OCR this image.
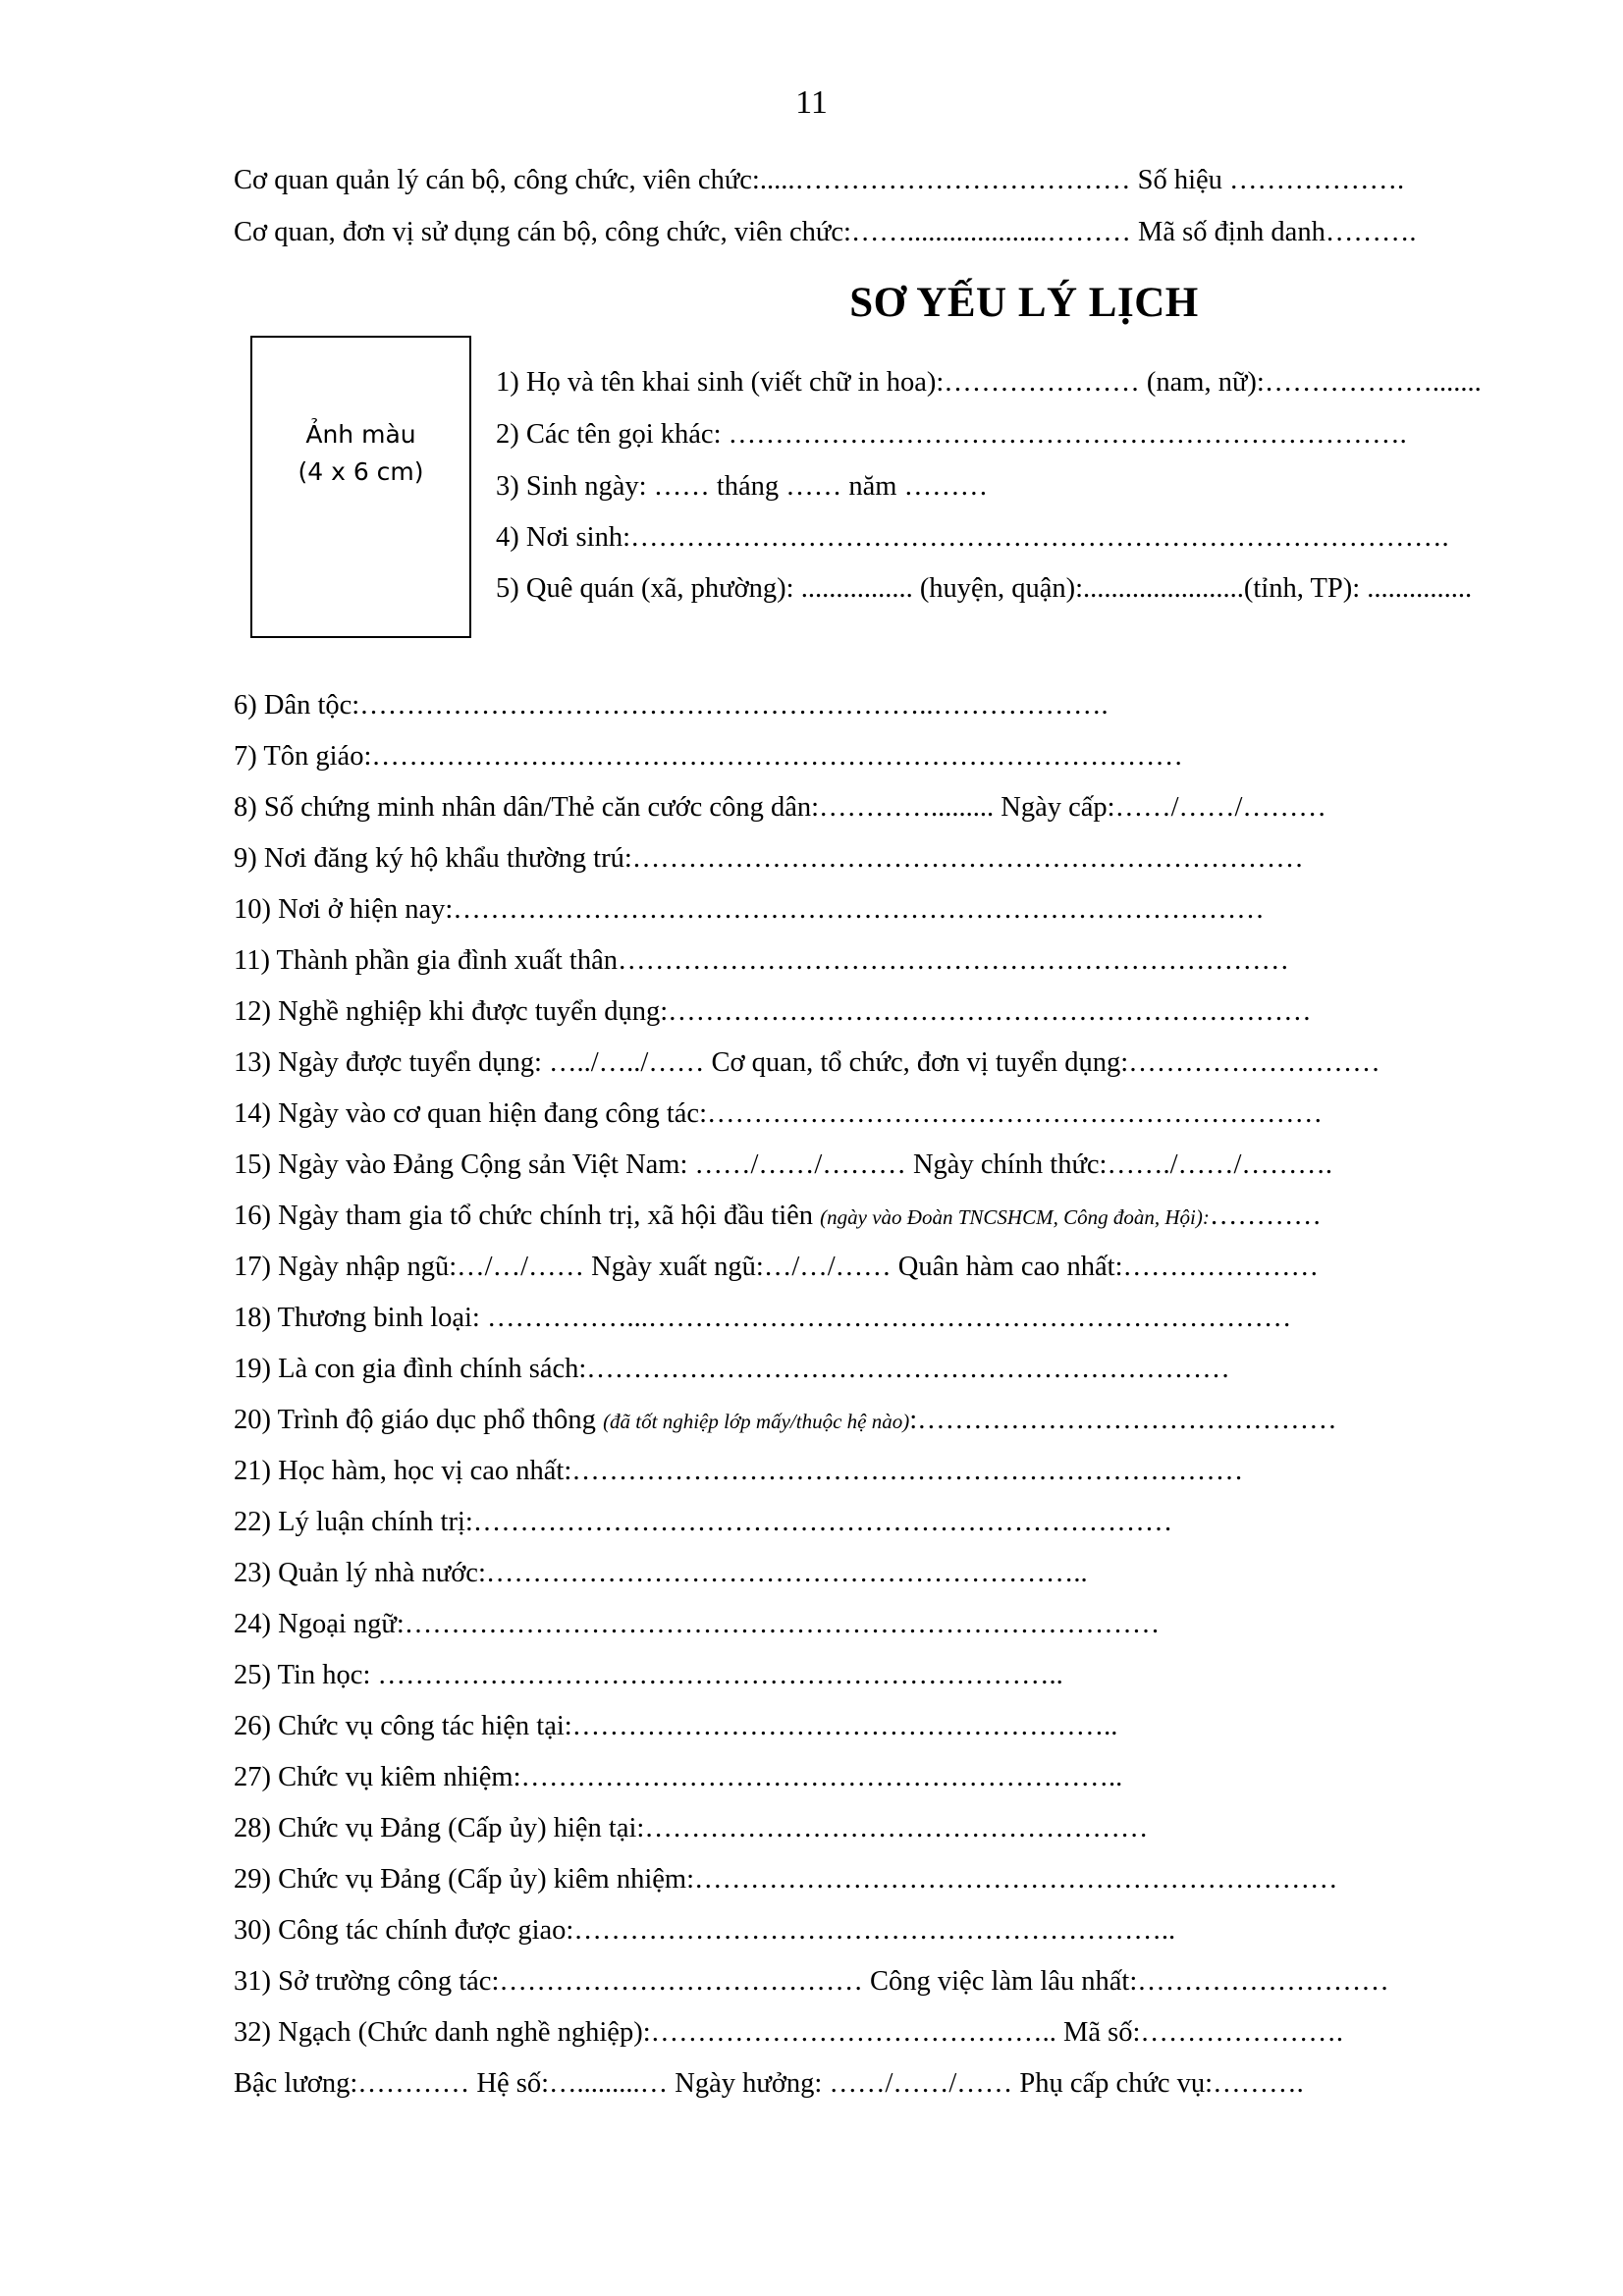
11
Cơ quan quản lý cán bộ, công chức, viên chức:.....……………………………… Số hiệu ……………….
Cơ quan, đơn vị sử dụng cán bộ, công chức, viên chức:……....................……… Mã số định danh……….
SƠ YẾU LÝ LỊCH
Ảnh màu
(4 x 6 cm)
1) Họ và tên khai sinh (viết chữ in hoa):………………… (nam, nữ):……………….......
2) Các tên gọi khác: ……………………………………………………………….
3) Sinh ngày: …… tháng …… năm ………
4) Nơi sinh:…………………………………………………………………………….
5) Quê quán (xã, phường): ................ (huyện, quận):.......................(tỉnh, TP): ...............
6) Dân tộc:……………………………………………………..……………….
7) Tôn giáo:……………………………………………………………………………
8) Số chứng minh nhân dân/Thẻ căn cước công dân:…………......... Ngày cấp:……/……/………
9) Nơi đăng ký hộ khẩu thường trú:………………………………………………………………
10) Nơi ở hiện nay:……………………………………………………………………………
11) Thành phần gia đình xuất thân………………………………………………………………
12) Nghề nghiệp khi được tuyển dụng:……………………………………………………………
13) Ngày được tuyển dụng: …../…../…… Cơ quan, tổ chức, đơn vị tuyển dụng:………………………
14) Ngày vào cơ quan hiện đang công tác:…………………………………………………………
15) Ngày vào Đảng Cộng sản Việt Nam: ……/……/……… Ngày chính thức:……./……/……….
16) Ngày tham gia tổ chức chính trị, xã hội đầu tiên (ngày vào Đoàn TNCSHCM, Công đoàn, Hội):…………
17) Ngày nhập ngũ:…/…/…… Ngày xuất ngũ:…/…/…… Quân hàm cao nhất:…………………
18) Thương binh loại: ……………...……………………………………………………………
19) Là con gia đình chính sách:……………………………………………………………
20) Trình độ giáo dục phổ thông (đã tốt nghiệp lớp mấy/thuộc hệ nào):………………………………………
21) Học hàm, học vị cao nhất:………………………………………………………………
22) Lý luận chính trị:…………………………………………………………………
23) Quản lý nhà nước:………………………………………………………..
24) Ngoại ngữ:………………………………………………………………………
25) Tin học: ………………………………………………………………..
26) Chức vụ công tác hiện tại:…………………………………………………..
27) Chức vụ kiêm nhiệm:………………………………………………………..
28) Chức vụ Đảng (Cấp ủy) hiện tại:………………………………………………
29) Chức vụ Đảng (Cấp ủy) kiêm nhiệm:……………………………………………………………
30) Công tác chính được giao:………………………………………………………..
31) Sở trường công tác:………………………………… Công việc làm lâu nhất:………………………
32) Ngạch (Chức danh nghề nghiệp):…………………………………….. Mã số:………………….
Bậc lương:………… Hệ số:….........… Ngày hưởng: ……/……/…… Phụ cấp chức vụ:……….
